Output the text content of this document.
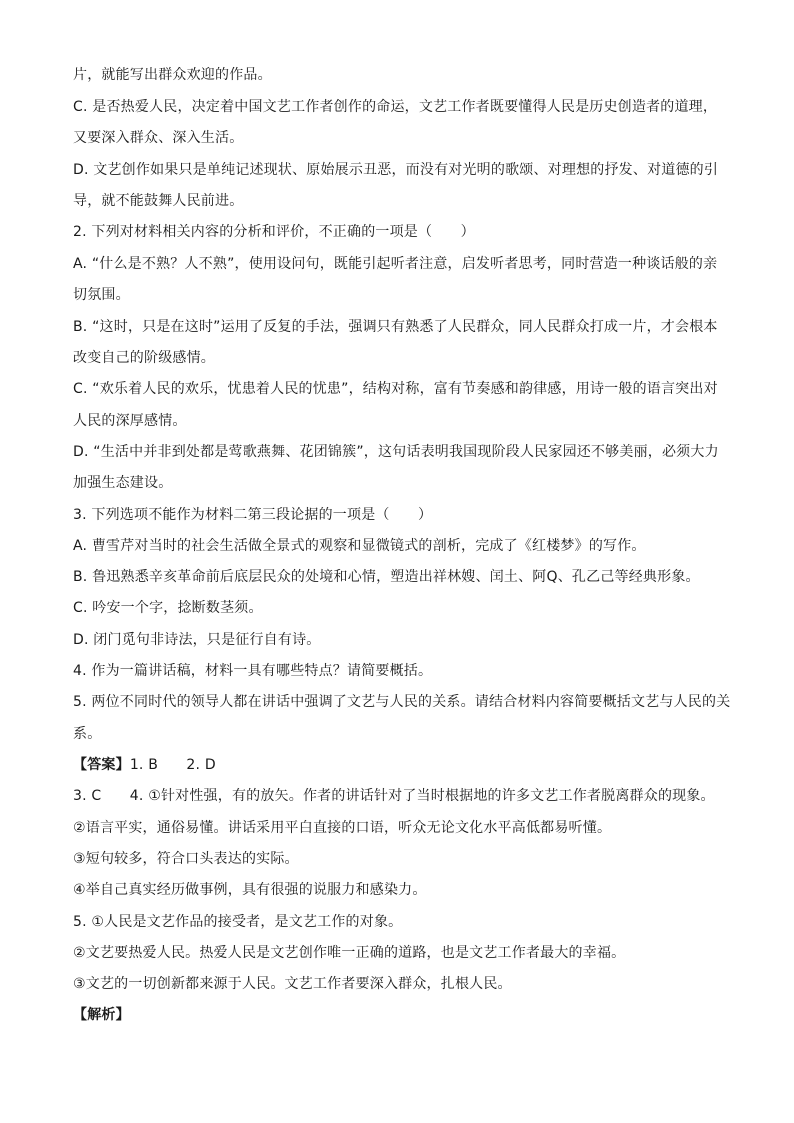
片，就能写出群众欢迎的作品。
C. 是否热爱人民，决定着中国文艺工作者创作的命运，文艺工作者既要懂得人民是历史创造者的道理，
又要深入群众、深入生活。
D. 文艺创作如果只是单纯记述现状、原始展示丑恶，而没有对光明的歌颂、对理想的抒发、对道德的引
导，就不能鼓舞人民前进。
2. 下列对材料相关内容的分析和评价，不正确的一项是（　　）
A. “什么是不熟？人不熟”，使用设问句，既能引起听者注意，启发听者思考，同时营造一种谈话般的亲
切氛围。
B. “这时，只是在这时”运用了反复的手法，强调只有熟悉了人民群众，同人民群众打成一片，才会根本
改变自己的阶级感情。
C. “欢乐着人民的欢乐，忧患着人民的忧患”，结构对称，富有节奏感和韵律感，用诗一般的语言突出对
人民的深厚感情。
D. “生活中并非到处都是莺歌燕舞、花团锦簇”，这句话表明我国现阶段人民家园还不够美丽，必须大力
加强生态建设。
3. 下列选项不能作为材料二第三段论据的一项是（　　）
A. 曹雪芹对当时的社会生活做全景式的观察和显微镜式的剖析，完成了《红楼梦》的写作。
B. 鲁迅熟悉辛亥革命前后底层民众的处境和心情，塑造出祥林嫂、闰土、阿Q、孔乙己等经典形象。
C. 吟安一个字，捻断数茎须。
D. 闭门觅句非诗法，只是征行自有诗。
4. 作为一篇讲话稿，材料一具有哪些特点？请简要概括。
5. 两位不同时代的领导人都在讲话中强调了文艺与人民的关系。请结合材料内容简要概括文艺与人民的关
系。
【答案】1. B　　2. D
3. C　　4. ①针对性强，有的放矢。作者的讲话针对了当时根据地的许多文艺工作者脱离群众的现象。
②语言平实，通俗易懂。讲话采用平白直接的口语，听众无论文化水平高低都易听懂。
③短句较多，符合口头表达的实际。
④举自己真实经历做事例，具有很强的说服力和感染力。
5. ①人民是文艺作品的接受者，是文艺工作的对象。
②文艺要热爱人民。热爱人民是文艺创作唯一正确的道路，也是文艺工作者最大的幸福。
③文艺的一切创新都来源于人民。文艺工作者要深入群众，扎根人民。
【解析】
